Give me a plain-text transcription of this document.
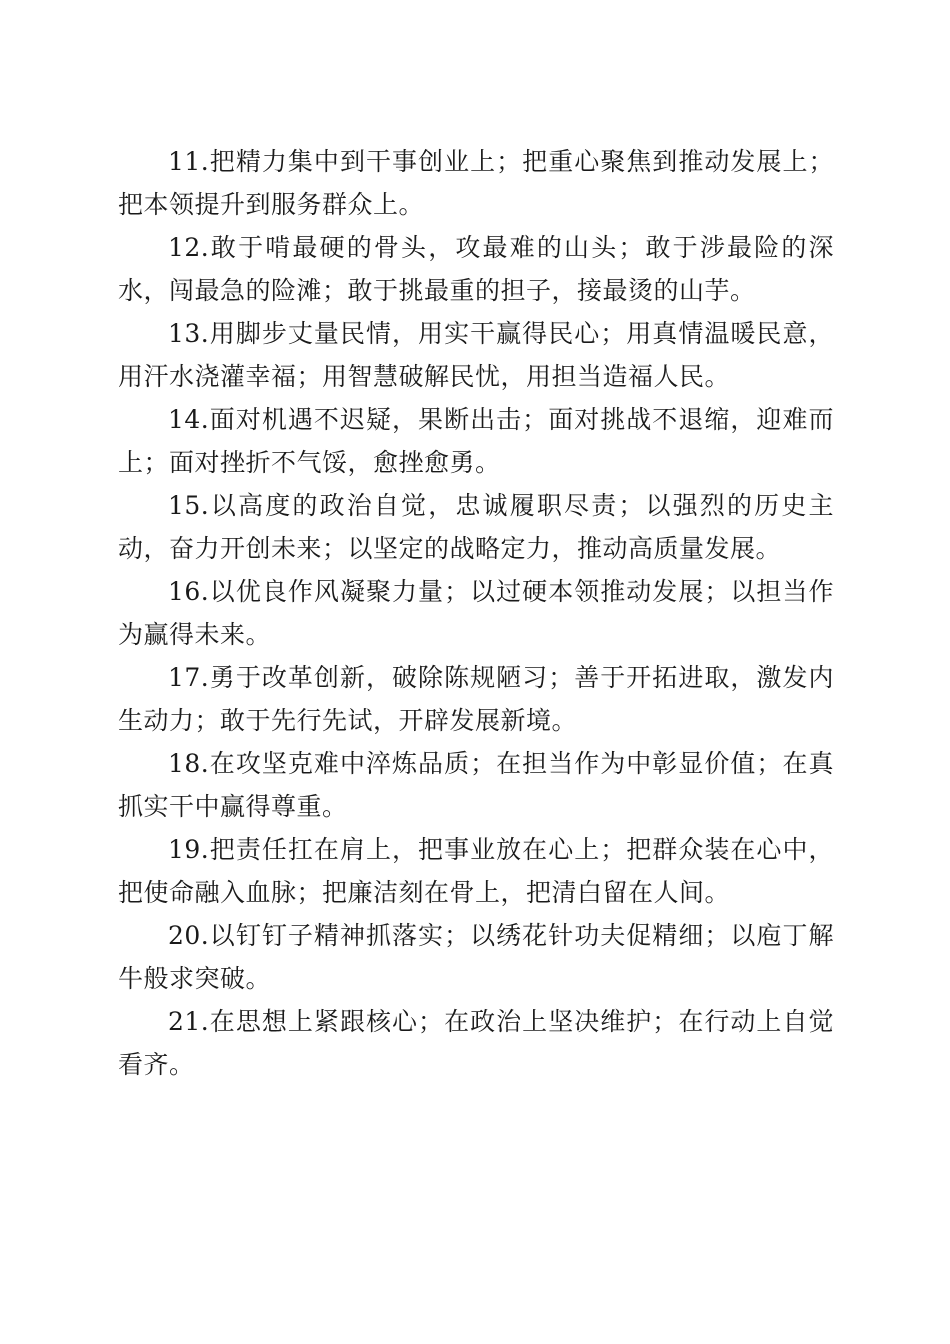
11.把精力集中到干事创业上；把重心聚焦到推动发展上；把本领提升到服务群众上。

12.敢于啃最硬的骨头，攻最难的山头；敢于涉最险的深水，闯最急的险滩；敢于挑最重的担子，接最烫的山芋。

13.用脚步丈量民情，用实干赢得民心；用真情温暖民意，用汗水浇灌幸福；用智慧破解民忧，用担当造福人民。

14.面对机遇不迟疑，果断出击；面对挑战不退缩，迎难而上；面对挫折不气馁，愈挫愈勇。

15.以高度的政治自觉，忠诚履职尽责；以强烈的历史主动，奋力开创未来；以坚定的战略定力，推动高质量发展。

16.以优良作风凝聚力量；以过硬本领推动发展；以担当作为赢得未来。

17.勇于改革创新，破除陈规陋习；善于开拓进取，激发内生动力；敢于先行先试，开辟发展新境。

18.在攻坚克难中淬炼品质；在担当作为中彰显价值；在真抓实干中赢得尊重。

19.把责任扛在肩上，把事业放在心上；把群众装在心中，把使命融入血脉；把廉洁刻在骨上，把清白留在人间。

20.以钉钉子精神抓落实；以绣花针功夫促精细；以庖丁解牛般求突破。

21.在思想上紧跟核心；在政治上坚决维护；在行动上自觉看齐。
